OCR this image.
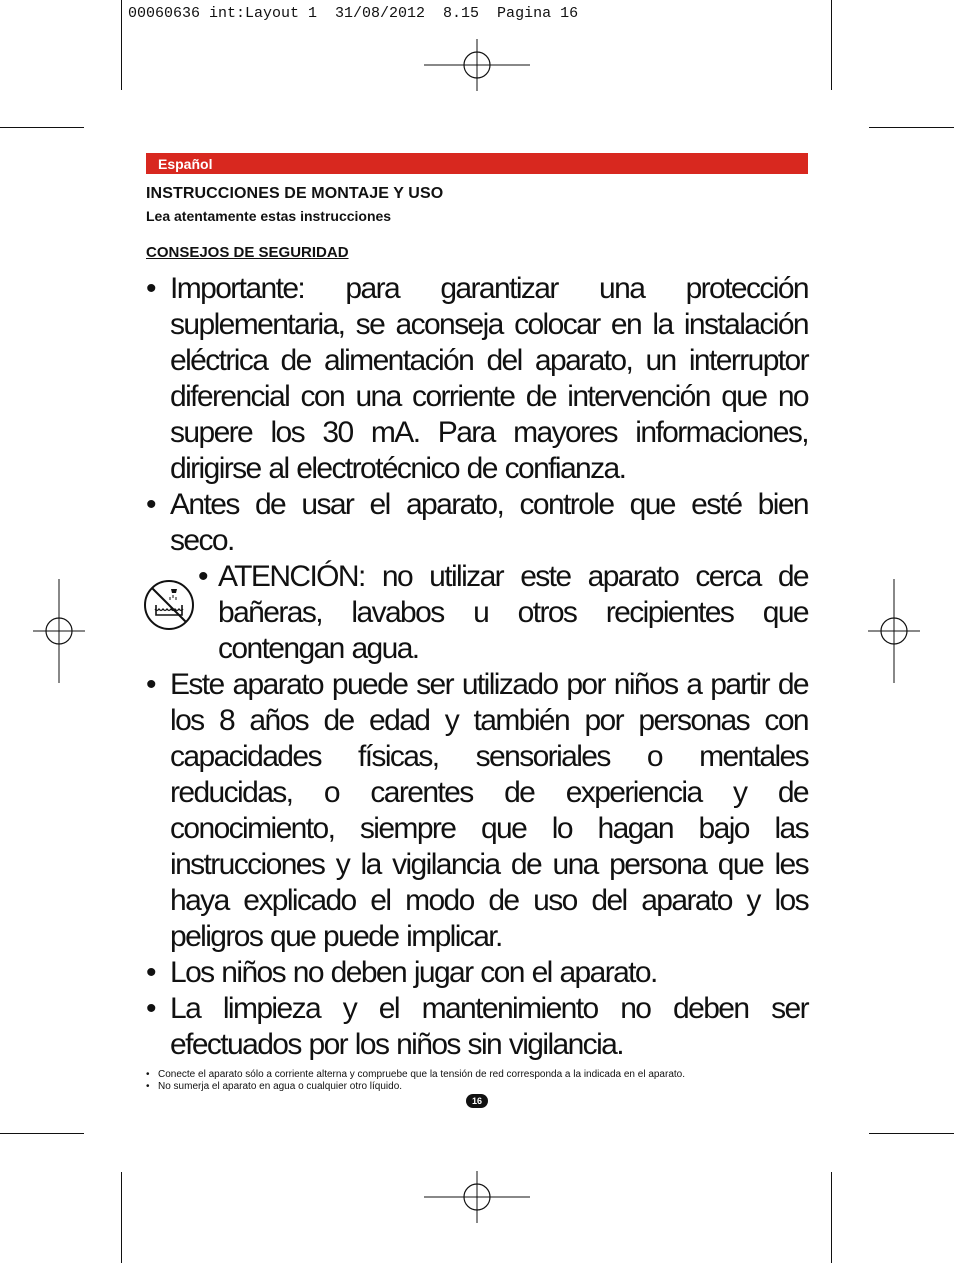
00060636 int:Layout 1  31/08/2012  8.15  Pagina 16
Español
INSTRUCCIONES DE MONTAJE Y USO
Lea atentamente estas instrucciones
CONSEJOS DE SEGURIDAD
• Importante: para garantizar una protección suplementaria, se aconseja colocar en la instalación eléctrica de alimentación del aparato, un interruptor diferencial con una corriente de intervención que no supere los 30 mA. Para mayores informaciones, dirigirse al electrotécnico de confianza.
• Antes de usar el aparato, controle que esté bien seco.
• ATENCIÓN: no utilizar este aparato cerca de bañeras, lavabos u otros recipientes que contengan agua.
• Este aparato puede ser utilizado por niños a partir de los 8 años de edad y también por personas con capacidades físicas, sensoriales o mentales reducidas, o carentes de experiencia y de conocimiento, siempre que lo hagan bajo las instrucciones y la vigilancia de una persona que les haya explicado el modo de uso del aparato y los peligros que puede implicar.
• Los niños no deben jugar con el aparato.
• La limpieza y el mantenimiento no deben ser efectuados por los niños sin vigilancia.
• Conecte el aparato sólo a corriente alterna y compruebe que la tensión de red corresponda a la indicada en el aparato.
• No sumerja el aparato en agua o cualquier otro líquido.
16
